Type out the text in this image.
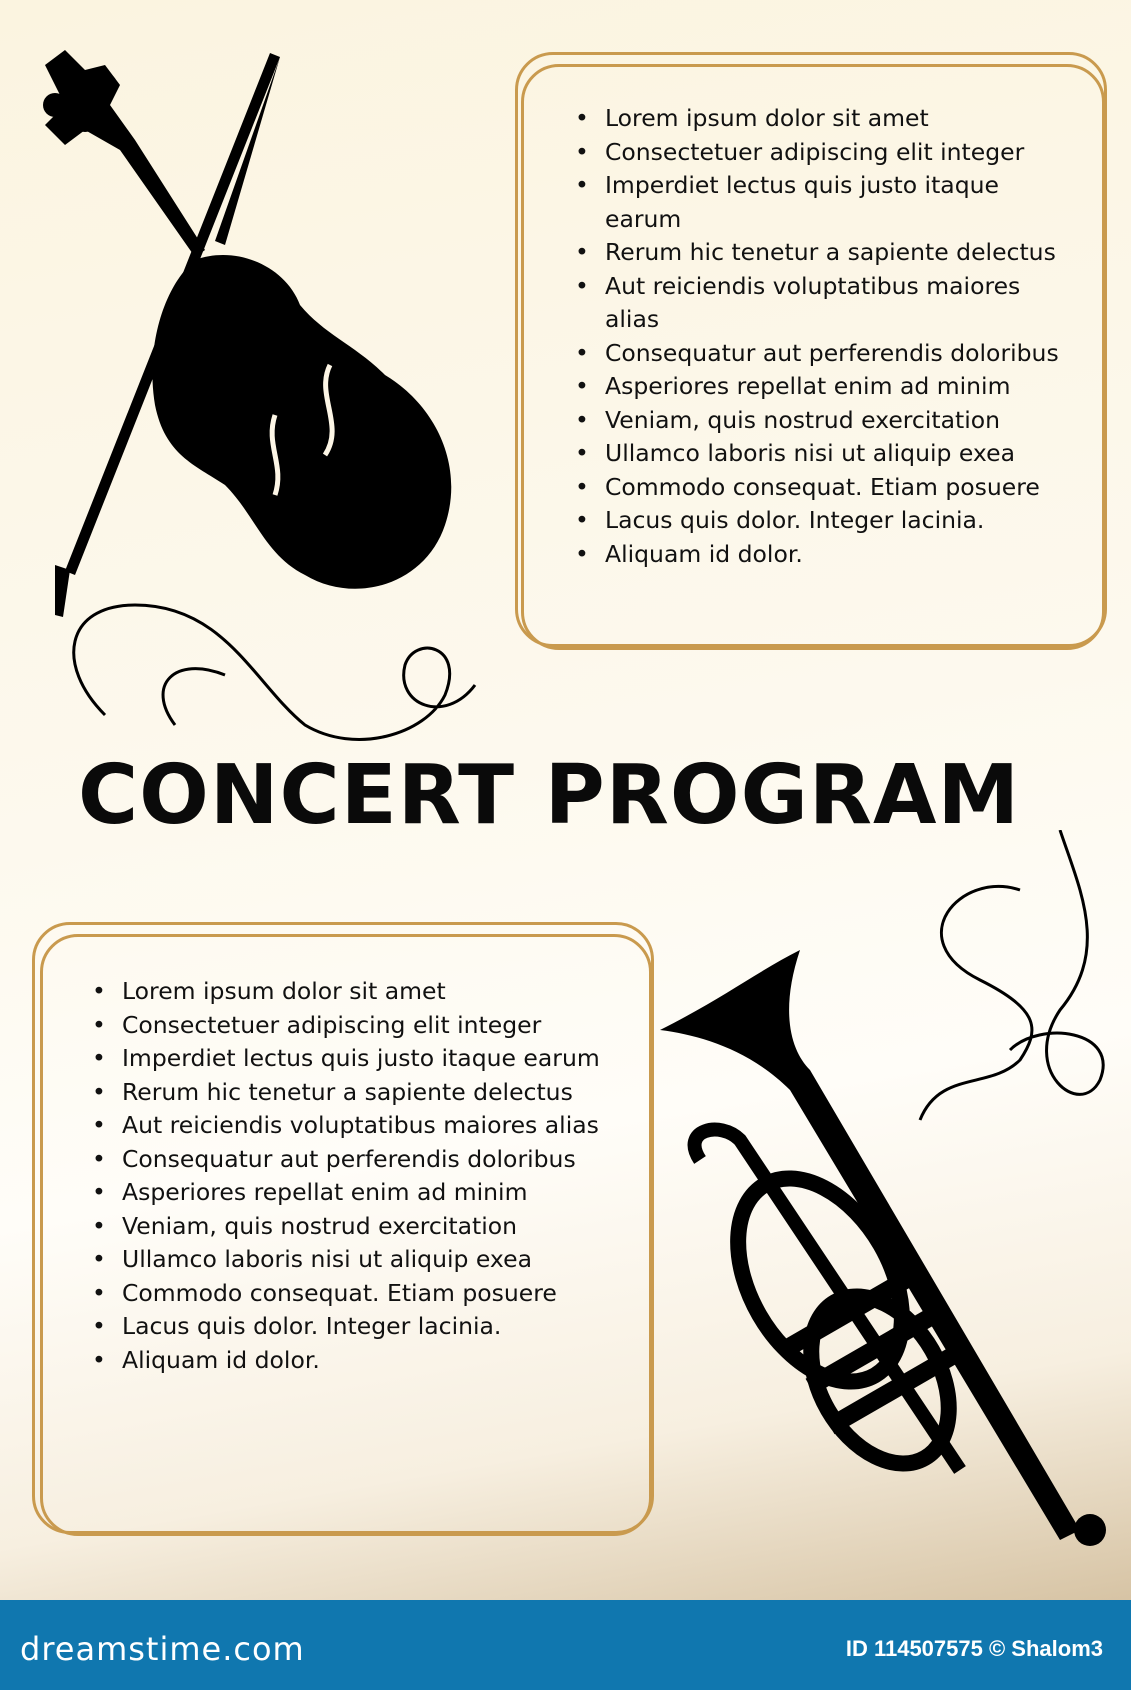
• Lorem ipsum dolor sit amet
• Consectetuer adipiscing elit integer
• Imperdiet lectus quis justo itaque earum
• Rerum hic tenetur a sapiente delectus
• Aut reiciendis voluptatibus maiores alias
• Consequatur aut perferendis doloribus
• Asperiores repellat enim ad minim
• Veniam, quis nostrud exercitation
• Ullamco laboris nisi ut aliquip exea
• Commodo consequat. Etiam posuere
• Lacus quis dolor. Integer lacinia.
• Aliquam id dolor.
CONCERT PROGRAM
• Lorem ipsum dolor sit amet
• Consectetuer adipiscing elit integer
• Imperdiet lectus quis justo itaque earum
• Rerum hic tenetur a sapiente delectus
• Aut reiciendis voluptatibus maiores alias
• Consequatur aut perferendis doloribus
• Asperiores repellat enim ad minim
• Veniam, quis nostrud exercitation
• Ullamco laboris nisi ut aliquip exea
• Commodo consequat. Etiam posuere
• Lacus quis dolor. Integer lacinia.
• Aliquam id dolor.
dreamstime.com	ID 114507575 © Shalom3
